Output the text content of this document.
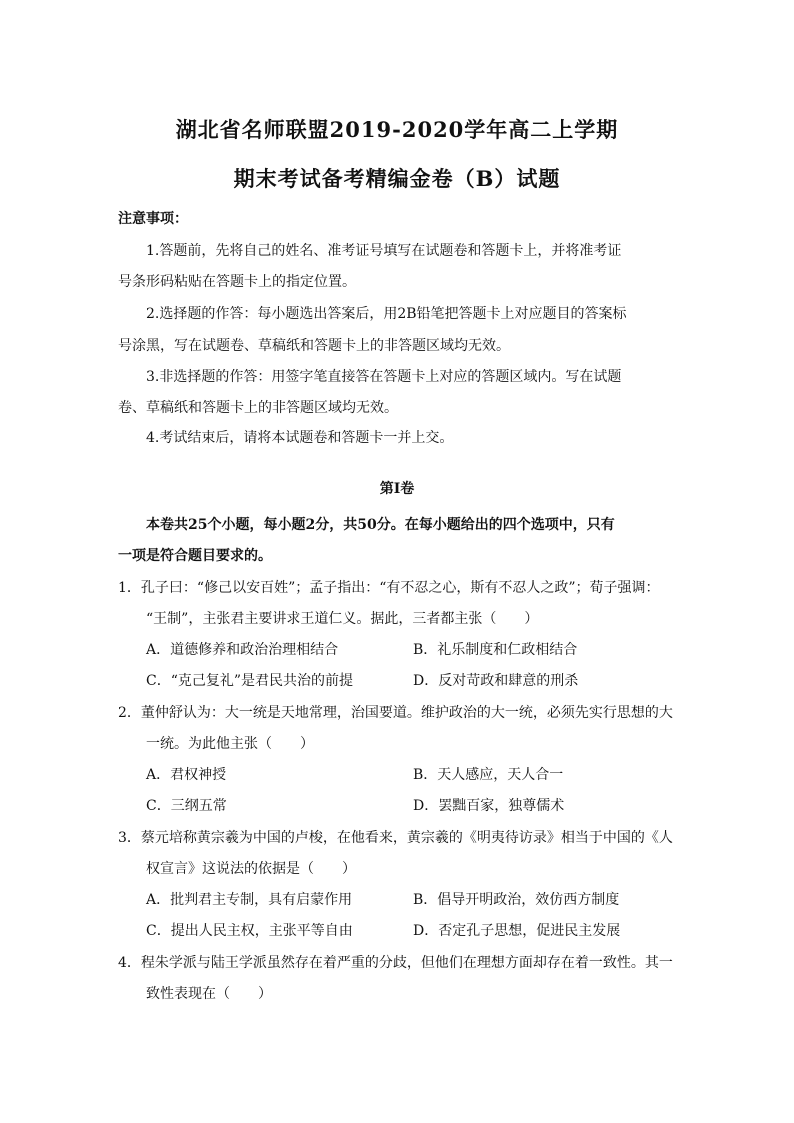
湖北省名师联盟2019-2020学年高二上学期
期末考试备考精编金卷（B）试题
注意事项：
1.答题前，先将自己的姓名、准考证号填写在试题卷和答题卡上，并将准考证
号条形码粘贴在答题卡上的指定位置。
2.选择题的作答：每小题选出答案后，用2B铅笔把答题卡上对应题目的答案标
号涂黑，写在试题卷、草稿纸和答题卡上的非答题区域均无效。
3.非选择题的作答：用签字笔直接答在答题卡上对应的答题区域内。写在试题
卷、草稿纸和答题卡上的非答题区域均无效。
4.考试结束后，请将本试题卷和答题卡一并上交。
第Ⅰ卷
本卷共25个小题，每小题2分，共50分。在每小题给出的四个选项中，只有
一项是符合题目要求的。
1．孔子曰：“修己以安百姓”；孟子指出：“有不忍之心，斯有不忍人之政”；荀子强调：
“王制”，主张君主要讲求王道仁义。据此，三者都主张（　　）
A．道德修养和政治治理相结合	B．礼乐制度和仁政相结合
C．“克己复礼”是君民共治的前提	D．反对苛政和肆意的刑杀
2．董仲舒认为：大一统是天地常理，治国要道。维护政治的大一统，必须先实行思想的大
一统。为此他主张（　　）
A．君权神授	B．天人感应，天人合一
C．三纲五常	D．罢黜百家，独尊儒术
3．蔡元培称黄宗羲为中国的卢梭，在他看来，黄宗羲的《明夷待访录》相当于中国的《人
权宣言》这说法的依据是（　　）
A．批判君主专制，具有启蒙作用	B．倡导开明政治，效仿西方制度
C．提出人民主权，主张平等自由	D．否定孔子思想，促进民主发展
4．程朱学派与陆王学派虽然存在着严重的分歧，但他们在理想方面却存在着一致性。其一
致性表现在（　　）
